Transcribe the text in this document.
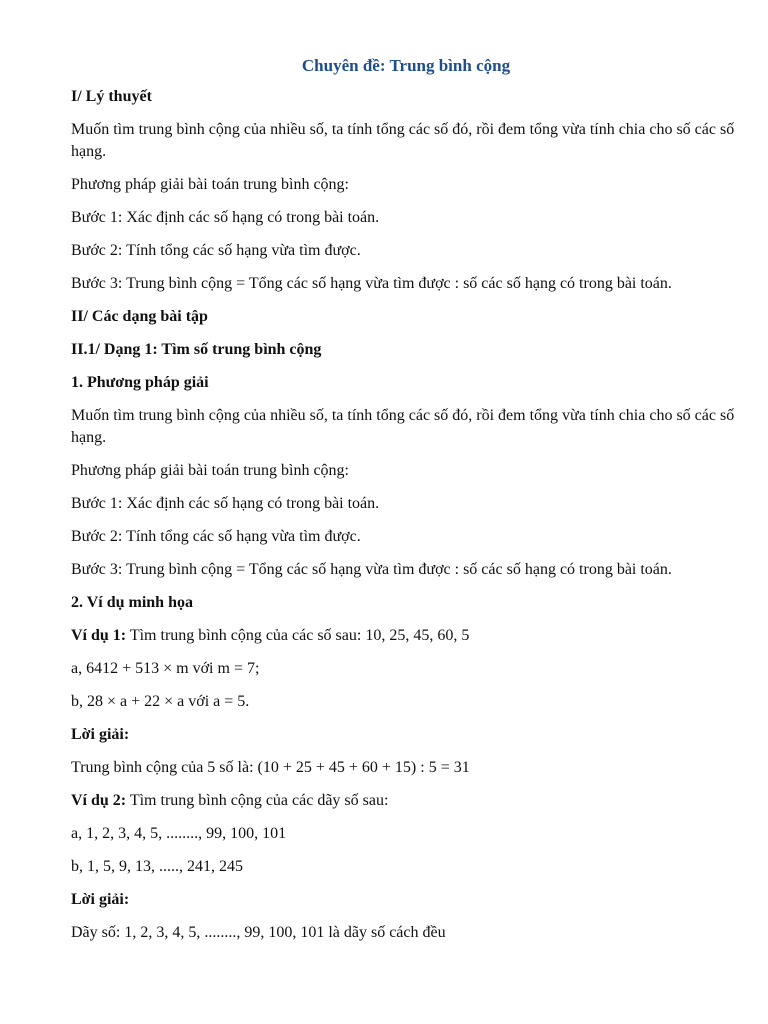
Chuyên đề: Trung bình cộng
I/ Lý thuyết
Muốn tìm trung bình cộng của nhiều số, ta tính tổng các số đó, rồi đem tổng vừa tính chia cho số các số hạng.
Phương pháp giải bài toán trung bình cộng:
Bước 1: Xác định các số hạng có trong bài toán.
Bước 2: Tính tổng các số hạng vừa tìm được.
Bước 3: Trung bình cộng = Tổng các số hạng vừa tìm được : số các số hạng có trong bài toán.
II/ Các dạng bài tập
II.1/ Dạng 1: Tìm số trung bình cộng
1. Phương pháp giải
Muốn tìm trung bình cộng của nhiều số, ta tính tổng các số đó, rồi đem tổng vừa tính chia cho số các số hạng.
Phương pháp giải bài toán trung bình cộng:
Bước 1: Xác định các số hạng có trong bài toán.
Bước 2: Tính tổng các số hạng vừa tìm được.
Bước 3: Trung bình cộng = Tổng các số hạng vừa tìm được : số các số hạng có trong bài toán.
2. Ví dụ minh họa
Ví dụ 1: Tìm trung bình cộng của các số sau: 10, 25, 45, 60, 5
a, 6412 + 513 × m với m = 7;
b, 28 × a + 22 × a với a = 5.
Lời giải:
Trung bình cộng của 5 số là: (10 + 25 + 45 + 60 + 15) : 5 = 31
Ví dụ 2: Tìm trung bình cộng của các dãy số sau:
a, 1, 2, 3, 4, 5, ........, 99, 100, 101
b, 1, 5, 9, 13, ....., 241, 245
Lời giải:
Dãy số: 1, 2, 3, 4, 5, ........, 99, 100, 101 là dãy số cách đều
